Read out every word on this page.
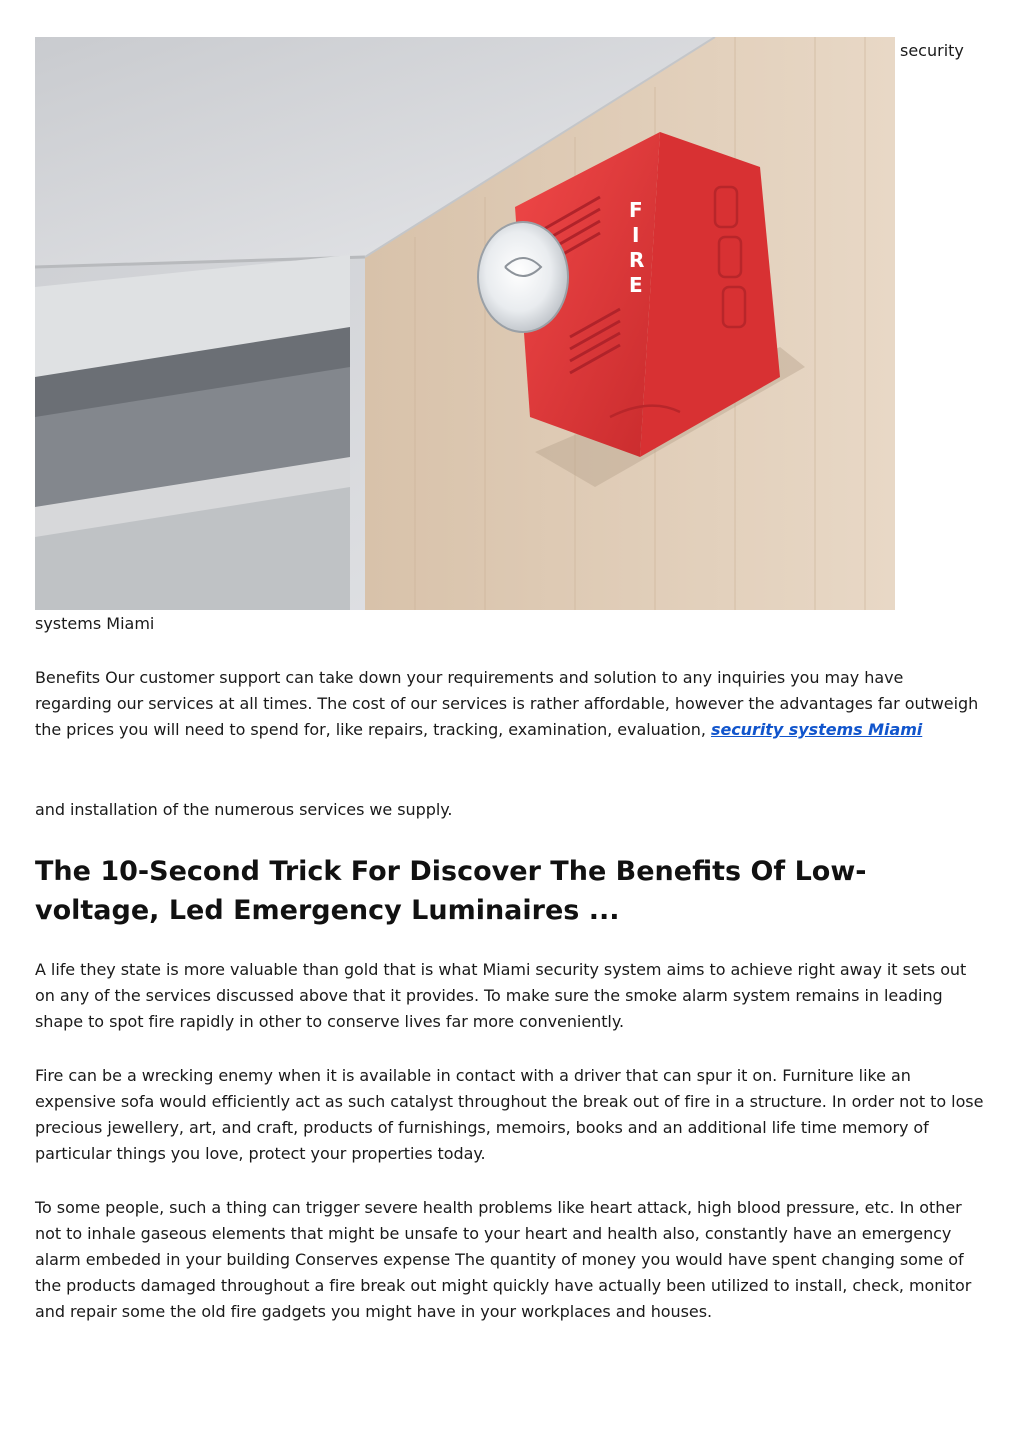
F
I
R
E
security
systems Miami

Benefits Our customer support can take down your requirements and solution to any inquiries you may have regarding our services at all times. The cost of our services is rather affordable, however the advantages far outweigh the prices you will need to spend for, like repairs, tracking, examination, evaluation, security systems Miami

and installation of the numerous services we supply.

The 10-Second Trick For Discover The Benefits Of Low-voltage, Led Emergency Luminaires ...

A life they state is more valuable than gold that is what Miami security system aims to achieve right away it sets out on any of the services discussed above that it provides. To make sure the smoke alarm system remains in leading shape to spot fire rapidly in other to conserve lives far more conveniently.

Fire can be a wrecking enemy when it is available in contact with a driver that can spur it on. Furniture like an expensive sofa would efficiently act as such catalyst throughout the break out of fire in a structure. In order not to lose precious jewellery, art, and craft, products of furnishings, memoirs, books and an additional life time memory of particular things you love, protect your properties today.

To some people, such a thing can trigger severe health problems like heart attack, high blood pressure, etc. In other not to inhale gaseous elements that might be unsafe to your heart and health also, constantly have an emergency alarm embeded in your building Conserves expense The quantity of money you would have spent changing some of the products damaged throughout a fire break out might quickly have actually been utilized to install, check, monitor and repair some the old fire gadgets you might have in your workplaces and houses.
